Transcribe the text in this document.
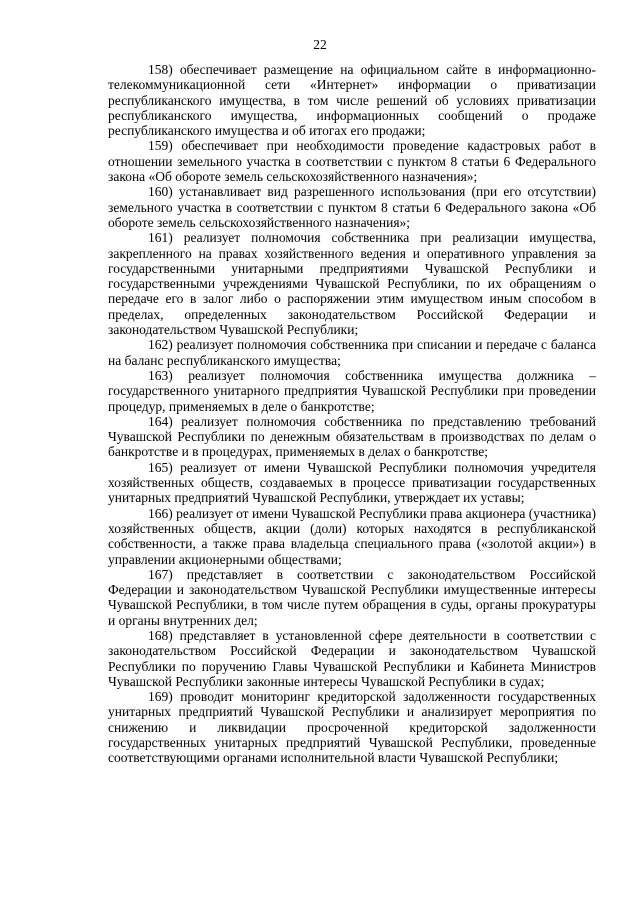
22

158) обеспечивает размещение на официальном сайте в информационно-телекоммуникационной сети «Интернет» информации о приватизации республиканского имущества, в том числе решений об условиях приватизации республиканского имущества, информационных сообщений о продаже республиканского имущества и об итогах его продажи;

159) обеспечивает при необходимости проведение кадастровых работ в отношении земельного участка в соответствии с пунктом 8 статьи 6 Федерального закона «Об обороте земель сельскохозяйственного назначения»;

160) устанавливает вид разрешенного использования (при его отсутствии) земельного участка в соответствии с пунктом 8 статьи 6 Федерального закона «Об обороте земель сельскохозяйственного назначения»;

161) реализует полномочия собственника при реализации имущества, закрепленного на правах хозяйственного ведения и оперативного управления за государственными унитарными предприятиями Чувашской Республики и государственными учреждениями Чувашской Республики, по их обращениям о передаче его в залог либо о распоряжении этим имуществом иным способом в пределах, определенных законодательством Российской Федерации и законодательством Чувашской Республики;

162) реализует полномочия собственника при списании и передаче с баланса на баланс республиканского имущества;

163) реализует полномочия собственника имущества должника – государственного унитарного предприятия Чувашской Республики при проведении процедур, применяемых в деле о банкротстве;

164) реализует полномочия собственника по представлению требований Чувашской Республики по денежным обязательствам в производствах по делам о банкротстве и в процедурах, применяемых в делах о банкротстве;

165) реализует от имени Чувашской Республики полномочия учредителя хозяйственных обществ, создаваемых в процессе приватизации государственных унитарных предприятий Чувашской Республики, утверждает их уставы;

166) реализует от имени Чувашской Республики права акционера (участника) хозяйственных обществ, акции (доли) которых находятся в республиканской собственности, а также права владельца специального права («золотой акции») в управлении акционерными обществами;

167) представляет в соответствии с законодательством Российской Федерации и законодательством Чувашской Республики имущественные интересы Чувашской Республики, в том числе путем обращения в суды, органы прокуратуры и органы внутренних дел;

168) представляет в установленной сфере деятельности в соответствии с законодательством Российской Федерации и законодательством Чувашской Республики по поручению Главы Чувашской Республики и Кабинета Министров Чувашской Республики законные интересы Чувашской Республики в судах;

169) проводит мониторинг кредиторской задолженности государственных унитарных предприятий Чувашской Республики и анализирует мероприятия по снижению и ликвидации просроченной кредиторской задолженности государственных унитарных предприятий Чувашской Республики, проведенные соответствующими органами исполнительной власти Чувашской Республики;
